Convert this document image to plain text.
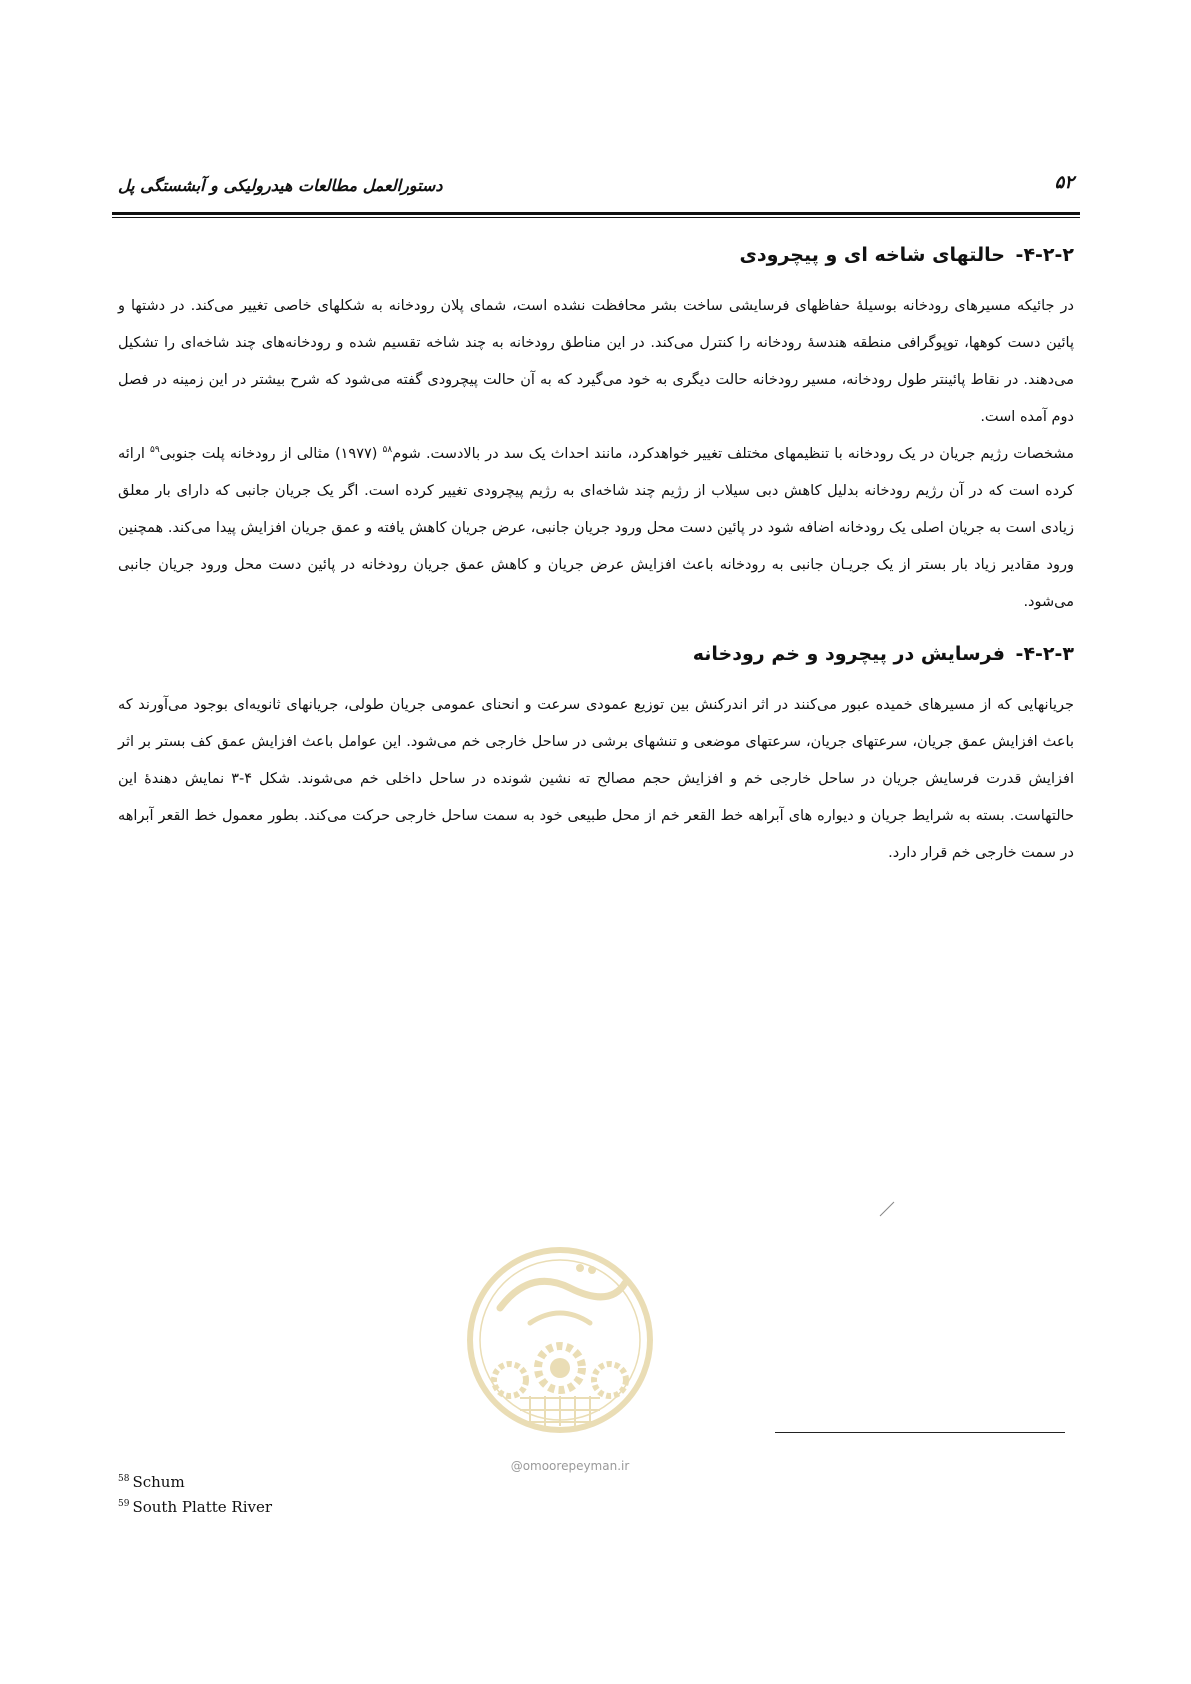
۵۲
دستورالعمل مطالعات هیدرولیکی و آبشستگی پل
۴-۲-۲- حالتهای شاخه ای و پیچرودی

در جائیکه مسیرهای رودخانه بوسیلۀ حفاظهای فرسایشی ساخت بشر محافظت نشده است، شمای پلان رودخانه به شکلهای خاصی تغییر می‌کند. در دشتها و پائین دست کوهها، توپوگرافی منطقه هندسۀ رودخانه را کنترل می‌کند. در این مناطق رودخانه به چند شاخه تقسیم شده و رودخانه‌های چند شاخه‌ای را تشکیل می‌دهند. در نقاط پائینتر طول رودخانه، مسیر رودخانه حالت دیگری به خود می‌گیرد که به آن حالت پیچرودی گفته می‌شود که شرح بیشتر در این زمینه در فصل دوم آمده است.

مشخصات رژیم جریان در یک رودخانه با تنظیمهای مختلف تغییر خواهدکرد، مانند احداث یک سد در بالادست. شوم$^{۵۸}$ (۱۹۷۷) مثالی از رودخانه پلت جنوبی$^{۵۹}$ ارائه کرده است که در آن رژیم رودخانه بدلیل کاهش دبی سیلاب از رژیم چند شاخه‌ای به رژیم پیچرودی تغییر کرده است. اگر یک جریان جانبی که دارای بار معلق زیادی است به جریان اصلی یک رودخانه اضافه شود در پائین دست محل ورود جریان جانبی، عرض جریان کاهش یافته و عمق جریان افزایش پیدا می‌کند. همچنین ورود مقادیر زیاد بار بستر از یک جریـان جانبی به رودخانه باعث افزایش عرض جریان و کاهش عمق جریان رودخانه در پائین دست محل ورود جریان جانبی می‌شود.

۴-۲-۳- فرسایش در پیچرود و خم رودخانه

جریانهایی که از مسیرهای خمیده عبور می‌کنند در اثر اندرکنش بین توزیع عمودی سرعت و انحنای عمومی جریان طولی، جریانهای ثانویه‌ای بوجود می‌آورند که باعث افزایش عمق جریان، سرعتهای جریان، سرعتهای موضعی و تنشهای برشی در ساحل خارجی خم می‌شود. این عوامل باعث افزایش عمق کف بستر بر اثر افزایش قدرت فرسایش جریان در ساحل خارجی خم و افزایش حجم مصالح ته نشین شونده در ساحل داخلی خم می‌شوند. شکل ۴-۳ نمایش دهندۀ این حالتهاست. بسته به شرایط جریان و دیواره های آبراهه خط القعر خم از محل طبیعی خود به سمت ساحل خارجی حرکت می‌کند. بطور معمول خط القعر آبراهه در سمت خارجی خم قرار دارد.

@omoorepeyman.ir
$^{58}$ Schum
$^{59}$ South Platte River
